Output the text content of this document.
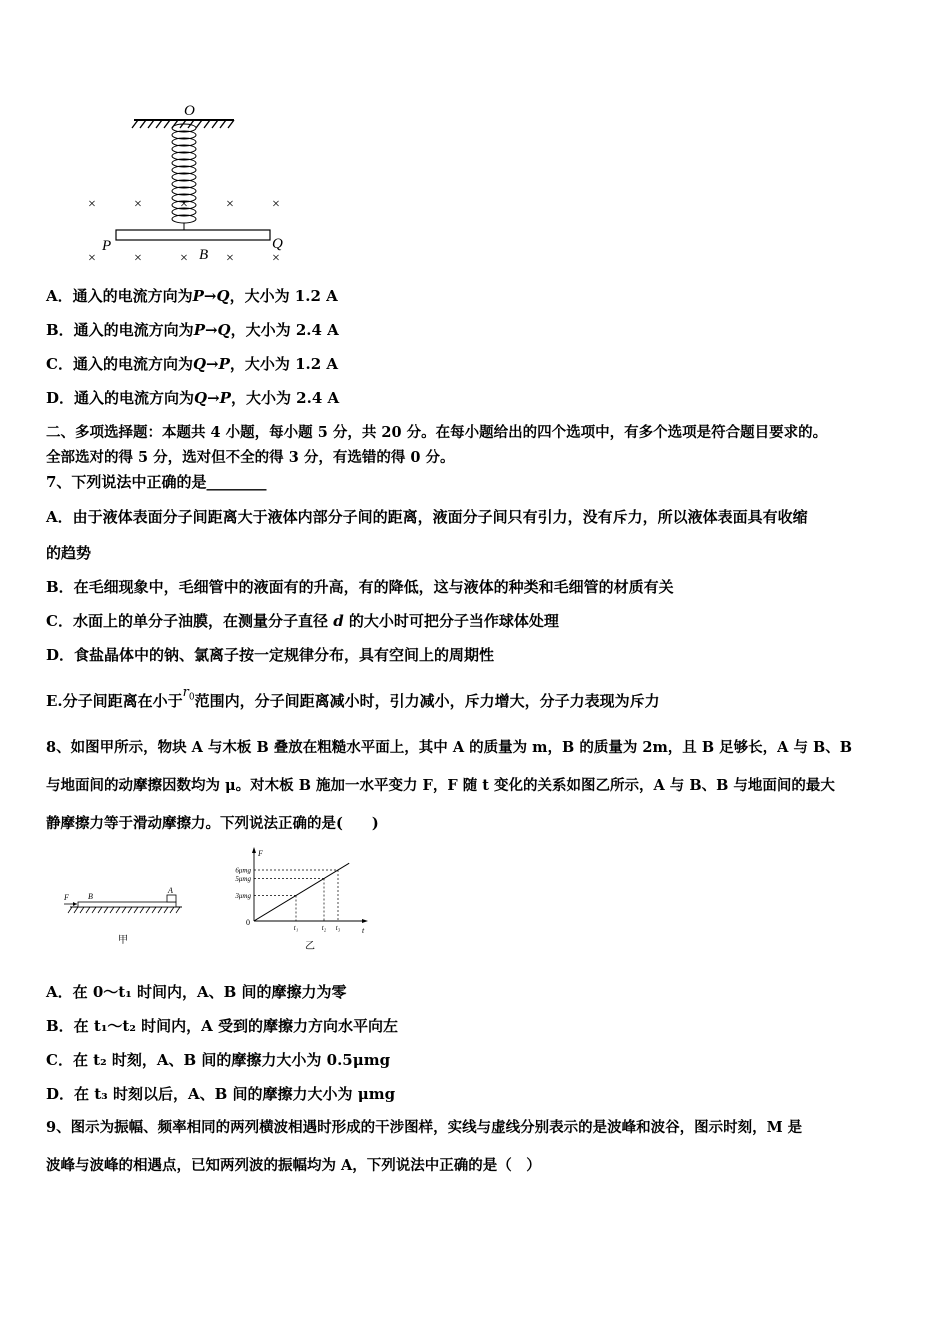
O
×	×	×	×	×
×	×	×	×	×
P	Q
B
A．通入的电流方向为P→Q，大小为 1.2 A
B．通入的电流方向为P→Q，大小为 2.4 A
C．通入的电流方向为Q→P，大小为 1.2 A
D．通入的电流方向为Q→P，大小为 2.4 A
二、多项选择题：本题共 4 小题，每小题 5 分，共 20 分。在每小题给出的四个选项中，有多个选项是符合题目要求的。
全部选对的得 5 分，选对但不全的得 3 分，有选错的得 0 分。
7、下列说法中正确的是________
A．由于液体表面分子间距离大于液体内部分子间的距离，液面分子间只有引力，没有斥力，所以液体表面具有收缩
的趋势
B．在毛细现象中，毛细管中的液面有的升高，有的降低，这与液体的种类和毛细管的材质有关
C．水面上的单分子油膜，在测量分子直径 d 的大小时可把分子当作球体处理
D．食盐晶体中的钠、氯离子按一定规律分布，具有空间上的周期性
E.分子间距离在小于$r_0$范围内，分子间距离减小时，引力减小，斥力增大，分子力表现为斥力
8、如图甲所示，物块 A 与木板 B 叠放在粗糙水平面上，其中 A 的质量为 m，B 的质量为 2m，且 B 足够长，A 与 B、B
与地面间的动摩擦因数均为 μ。对木板 B 施加一水平变力 F，F 随 t 变化的关系如图乙所示，A 与 B、B 与地面间的最大
静摩擦力等于滑动摩擦力。下列说法正确的是(　　)
F B
A
甲
F
t
0
3μmg
5μmg
6μmg
t₁	t₂ t₃
乙
A．在 0～t₁ 时间内，A、B 间的摩擦力为零
B．在 t₁～t₂ 时间内，A 受到的摩擦力方向水平向左
C．在 t₂ 时刻，A、B 间的摩擦力大小为 0.5μmg
D．在 t₃ 时刻以后，A、B 间的摩擦力大小为 μmg
9、图示为振幅、频率相同的两列横波相遇时形成的干涉图样，实线与虚线分别表示的是波峰和波谷，图示时刻，M 是
波峰与波峰的相遇点，已知两列波的振幅均为 A，下列说法中正确的是（　）
